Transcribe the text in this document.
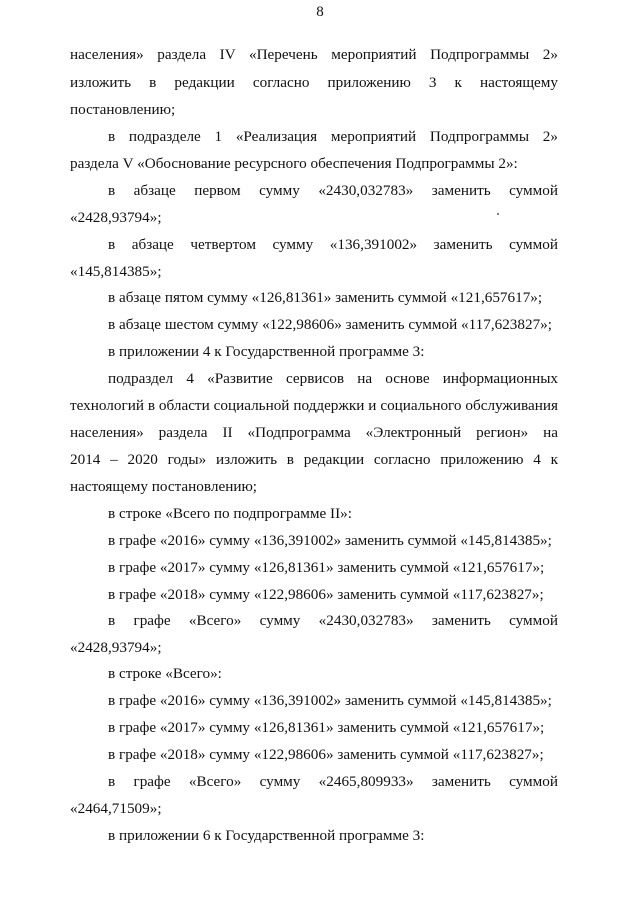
8
населения» раздела IV «Перечень мероприятий Подпрограммы 2»
изложить в редакции согласно приложению 3 к настоящему
постановлению;
в подразделе 1 «Реализация мероприятий Подпрограммы 2»
раздела V «Обоснование ресурсного обеспечения Подпрограммы 2»:
в абзаце первом сумму «2430,032783» заменить суммой
«2428,93794»;
в абзаце четвертом сумму «136,391002» заменить суммой
«145,814385»;
в абзаце пятом сумму «126,81361» заменить суммой «121,657617»;
в абзаце шестом сумму «122,98606» заменить суммой «117,623827»;
в приложении 4 к Государственной программе 3:
подраздел 4 «Развитие сервисов на основе информационных
технологий в области социальной поддержки и социального обслуживания
населения» раздела II «Подпрограмма «Электронный регион» на
2014 – 2020 годы» изложить в редакции согласно приложению 4 к
настоящему постановлению;
в строке «Всего по подпрограмме II»:
в графе «2016» сумму «136,391002» заменить суммой «145,814385»;
в графе «2017» сумму «126,81361» заменить суммой «121,657617»;
в графе «2018» сумму «122,98606» заменить суммой «117,623827»;
в графе «Всего» сумму «2430,032783» заменить суммой
«2428,93794»;
в строке «Всего»:
в графе «2016» сумму «136,391002» заменить суммой «145,814385»;
в графе «2017» сумму «126,81361» заменить суммой «121,657617»;
в графе «2018» сумму «122,98606» заменить суммой «117,623827»;
в графе «Всего» сумму «2465,809933» заменить суммой
«2464,71509»;
в приложении 6 к Государственной программе 3:
